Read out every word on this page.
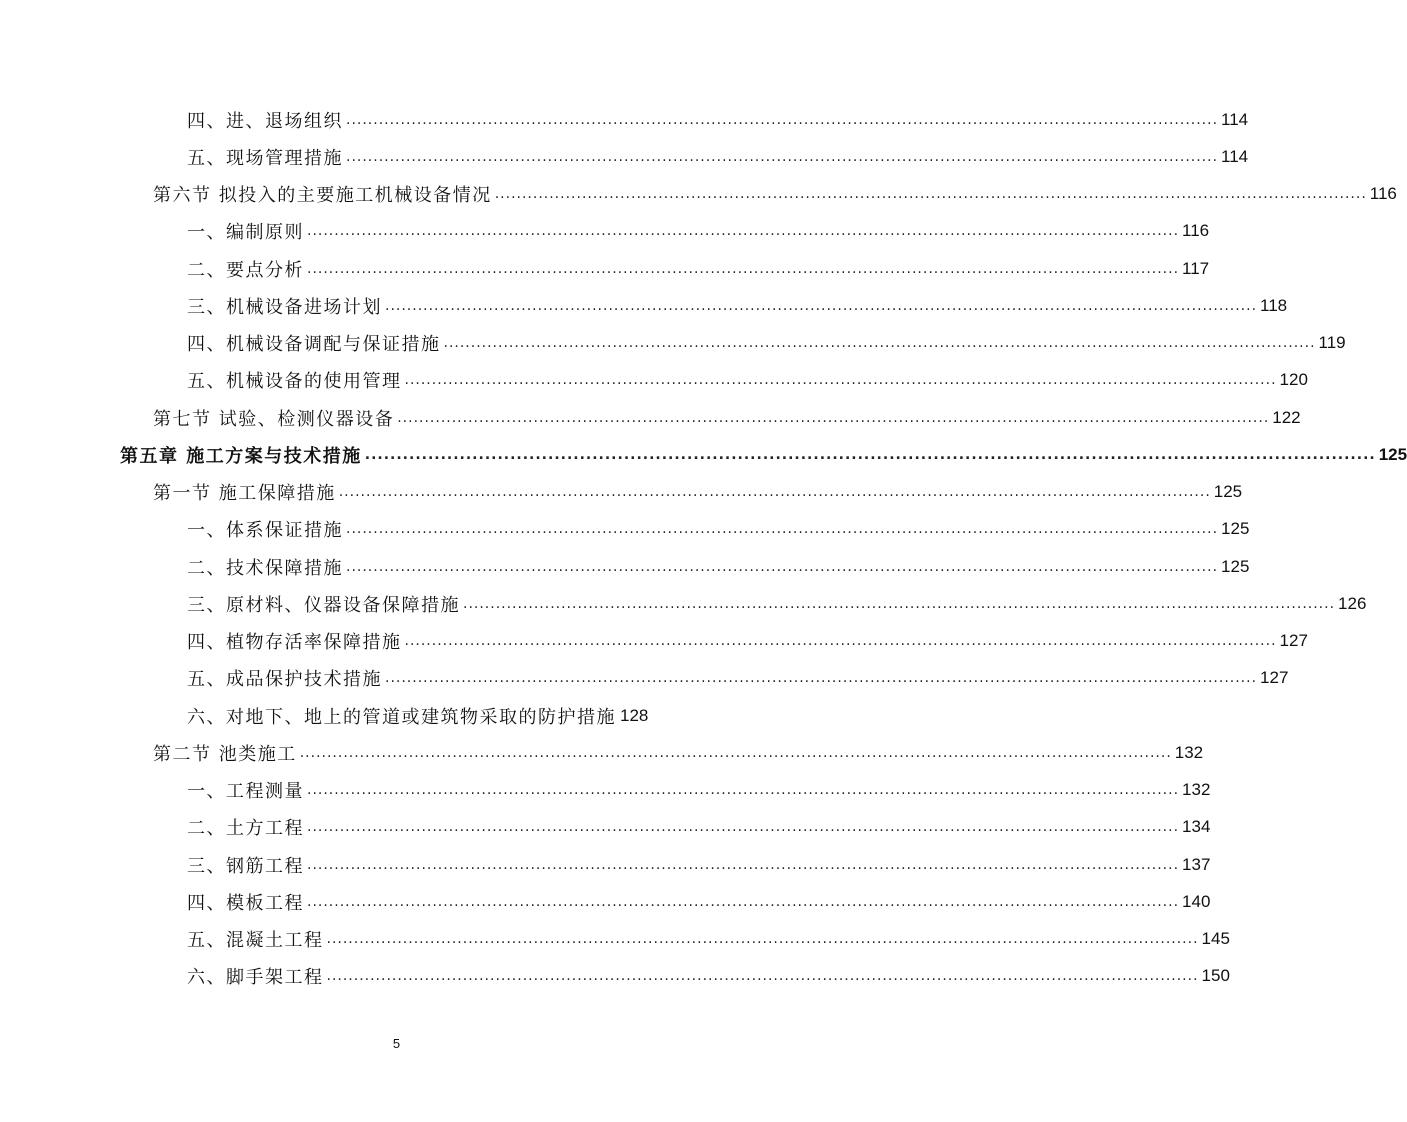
四、进、退场组织 ................................................................................................................................................................ 114
五、现场管理措施 ................................................................................................................................................................ 114
第六节 拟投入的主要施工机械设备情况 ................................................................................................................................................................ 116
一、编制原则 ................................................................................................................................................................ 116
二、要点分析 ................................................................................................................................................................ 117
三、机械设备进场计划 ................................................................................................................................................................ 118
四、机械设备调配与保证措施 ................................................................................................................................................................ 119
五、机械设备的使用管理 ................................................................................................................................................................ 120
第七节 试验、检测仪器设备 ................................................................................................................................................................ 122
第五章 施工方案与技术措施 ................................................................................................................................................................ 125
第一节 施工保障措施 ................................................................................................................................................................ 125
一、体系保证措施 ................................................................................................................................................................ 125
二、技术保障措施 ................................................................................................................................................................ 125
三、原材料、仪器设备保障措施 ................................................................................................................................................................ 126
四、植物存活率保障措施 ................................................................................................................................................................ 127
五、成品保护技术措施 ................................................................................................................................................................ 127
六、对地下、地上的管道或建筑物采取的防护措施 128
第二节 池类施工 ................................................................................................................................................................ 132
一、工程测量 ................................................................................................................................................................ 132
二、土方工程 ................................................................................................................................................................ 134
三、钢筋工程 ................................................................................................................................................................ 137
四、模板工程 ................................................................................................................................................................ 140
五、混凝土工程 ................................................................................................................................................................ 145
六、脚手架工程 ................................................................................................................................................................ 150
5
